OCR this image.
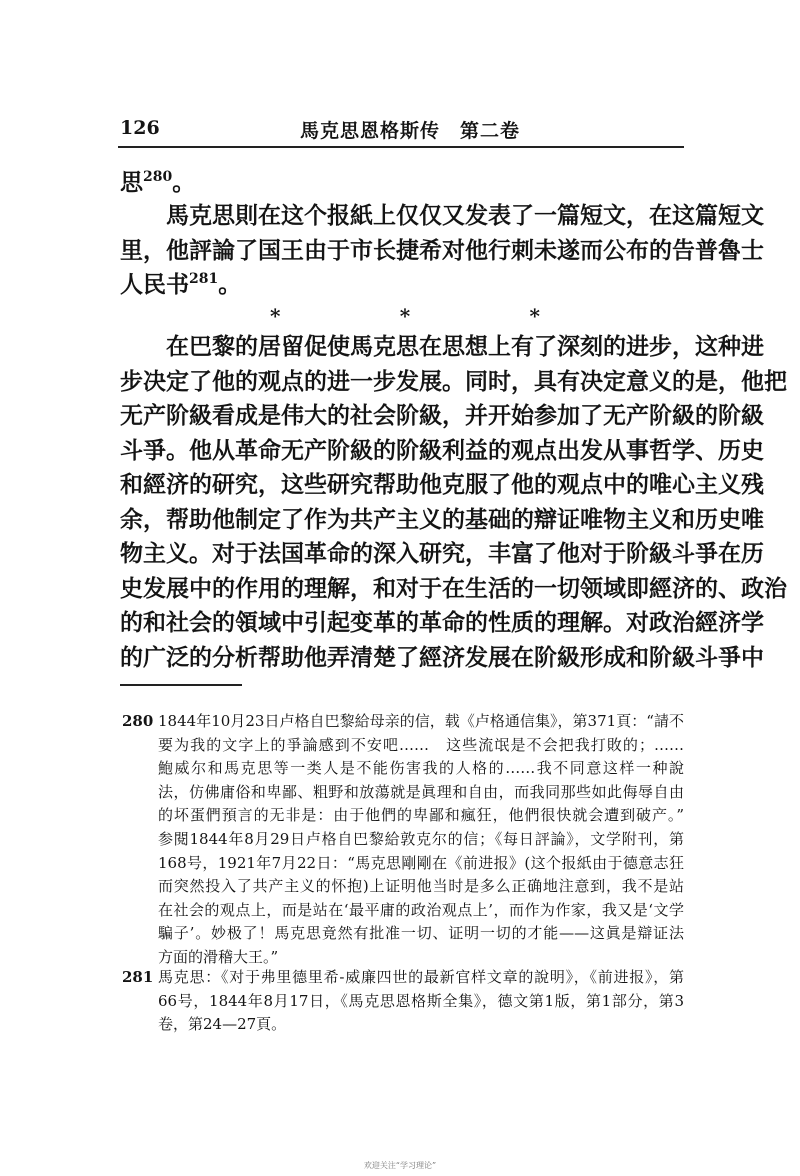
126	馬克思恩格斯传　第二卷
思$^{280}$。
馬克思則在这个报紙上仅仅又发表了一篇短文，在这篇短文
里，他評論了国王由于市长捷希对他行刺未遂而公布的告普魯士
人民书$^{281}$。
*	*	*
在巴黎的居留促使馬克思在思想上有了深刻的进步，这种进
步决定了他的观点的进一步发展。同时，具有决定意义的是，他把
无产阶級看成是伟大的社会阶級，并开始参加了无产阶級的阶級
斗爭。他从革命无产阶級的阶級利益的观点出发从事哲学、历史
和經济的研究，这些研究帮助他克服了他的观点中的唯心主义残
余，帮助他制定了作为共产主义的基础的辯证唯物主义和历史唯
物主义。对于法国革命的深入研究，丰富了他对于阶級斗爭在历
史发展中的作用的理解，和对于在生活的一切领域即經济的、政治
的和社会的領域中引起变革的革命的性质的理解。对政治經济学
的广泛的分析帮助他弄清楚了經济发展在阶級形成和阶級斗爭中
280 1844年10月23日卢格自巴黎給母亲的信，载《卢格通信集》，第371頁：“請不
要为我的文字上的爭論感到不安吧……　这些流氓是不会把我打敗的；……
鮑威尔和馬克思等一类人是不能伤害我的人格的……我不同意这样一种說
法，仿佛庸俗和卑鄙、粗野和放蕩就是眞理和自由，而我同那些如此侮辱自由
的坏蛋們預言的无非是：由于他們的卑鄙和瘋狂，他們很快就会遭到破产。”
参閱1844年8月29日卢格自巴黎給敦克尔的信；《每日評論》，文学附刊，第
168号，1921年7月22日：“馬克思剛剛在《前进报》(这个报紙由于德意志狂
而突然投入了共产主义的怀抱)上证明他当时是多么正确地注意到，我不是站
在社会的观点上，而是站在‘最平庸的政治观点上’，而作为作家，我又是‘文学
騙子’。妙极了！馬克思竟然有批准一切、证明一切的才能——这眞是辯证法
方面的滑稽大王。”
281 馬克思：《对于弗里德里希-威廉四世的最新官样文章的說明》，《前进报》，第
66号，1844年8月17日，《馬克思恩格斯全集》，德文第1版，第1部分，第3
卷，第24—27頁。
欢迎关注“学习理论”
